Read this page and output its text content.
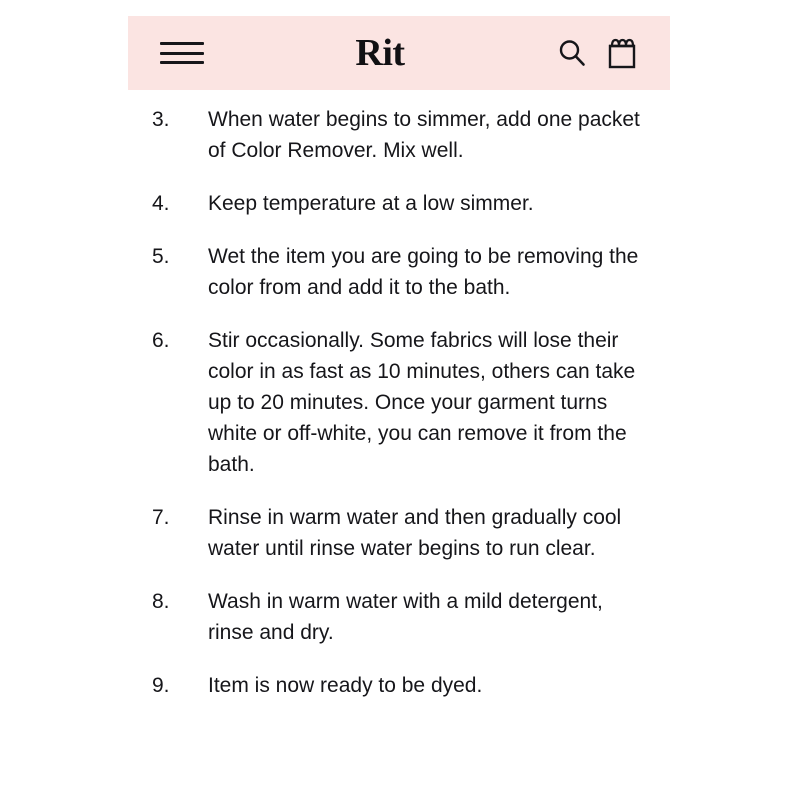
Rit
3.	When water begins to simmer, add one packet of Color Remover. Mix well.
4.	Keep temperature at a low simmer.
5.	Wet the item you are going to be removing the color from and add it to the bath.
6.	Stir occasionally. Some fabrics will lose their color in as fast as 10 minutes, others can take up to 20 minutes. Once your garment turns white or off-white, you can remove it from the bath.
7.	Rinse in warm water and then gradually cool water until rinse water begins to run clear.
8.	Wash in warm water with a mild detergent, rinse and dry.
9.	Item is now ready to be dyed.
